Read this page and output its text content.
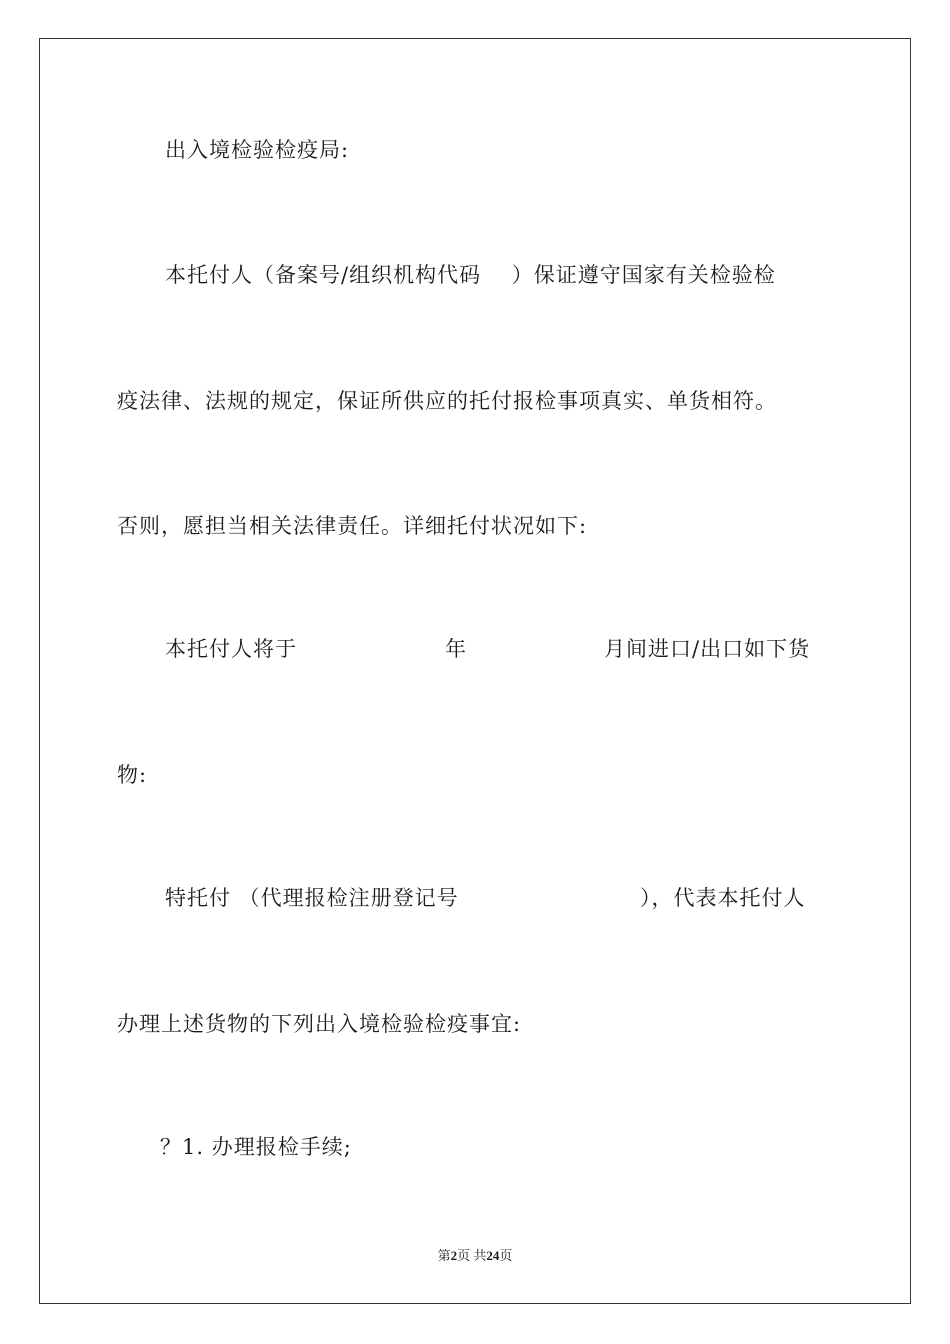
出入境检验检疫局:
本托付人（备案号/组织机构代码    ）保证遵守国家有关检验检
疫法律、法规的规定，保证所供应的托付报检事项真实、单货相符。
否则，愿担当相关法律责任。详细托付状况如下:
本托付人将于	年	月间进口/出口如下货
物:
特托付 （代理报检注册登记号	），代表本托付人
办理上述货物的下列出入境检验检疫事宜:
？1. 办理报检手续;
第2页 共24页
